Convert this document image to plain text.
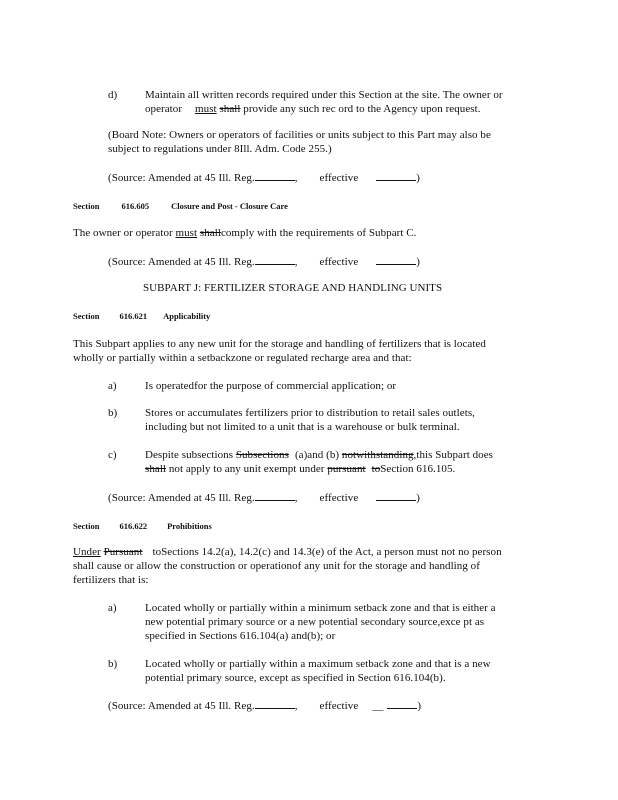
d)	Maintain all written records required under this Section at the site. The owner or
operator must shall provide any such rec ord to the Agency upon request.
(Board Note: Owners or operators of facilities or units subject to this Part may also be
subject to regulations under 8Ill. Adm. Code 255.)
(Source: Amended at 45 Ill. Reg.	, effective	)
Section	616.605	Closure and Post - Closure Care
The owner or operator must shallcomply with the requirements of Subpart C.
(Source: Amended at 45 Ill. Reg.	, effective	)
SUBPART J: FERTILIZER STORAGE AND HANDLING UNITS
Section 616.621 Applicability
This Subpart applies to any new unit for the storage and handling of fertilizers that is located
wholly or partially within a setbackzone or regulated recharge area and that:
a)	Is operatedfor the purpose of commercial application; or
b)	Stores or accumulates fertilizers prior to distribution to retail sales outlets,
including but not limited to a unit that is a warehouse or bulk terminal.
c)	Despite subsections Subsections (a)and (b) notwithstanding,this Subpart does
shall not apply to any unit exempt under pursuant toSection 616.105.
(Source: Amended at 45 Ill. Reg.	, effective	)
Section 616.622 Prohibitions
Under Pursuant toSections 14.2(a), 14.2(c) and 14.3(e) of the Act, a person must not no person
shall cause or allow the construction or operationof any unit for the storage and handling of
fertilizers that is:
a)	Located wholly or partially within a minimum setback zone and that is either a
new potential primary source or a new potential secondary source,exce pt as
specified in Sections 616.104(a) and(b); or
b)	Located wholly or partially within a maximum setback zone and that is a new
potential primary source, except as specified in Section 616.104(b).
(Source: Amended at 45 Ill. Reg.	, effective __	)
